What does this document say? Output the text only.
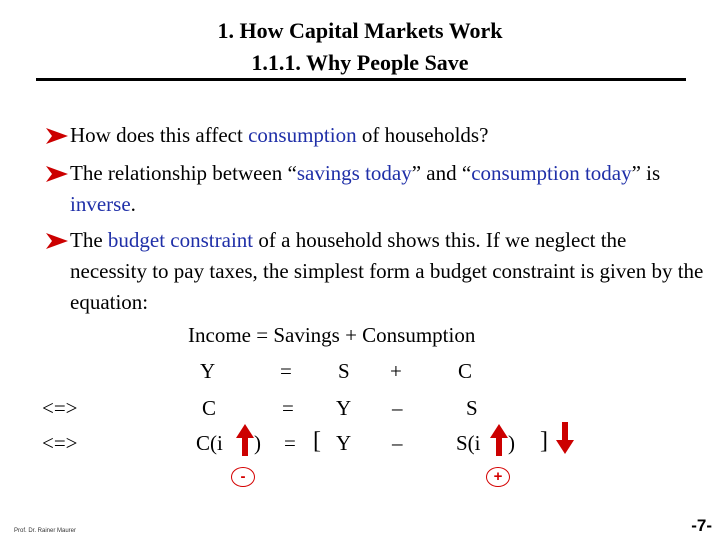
1. How Capital Markets Work
1.1.1. Why People Save
How does this affect consumption of households?
The relationship between “savings today” and “consumption today” is inverse.
The budget constraint of a household shows this. If we neglect the necessity to pay taxes, the simplest form a budget constraint is given by the equation:
Income = Savings + Consumption
Y	= S +	C
<=>	C	= Y –	S
<=>	C(i ) = [ Y –	S(i ) ]
-	+
Prof. Dr. Rainer Maurer	-7-
